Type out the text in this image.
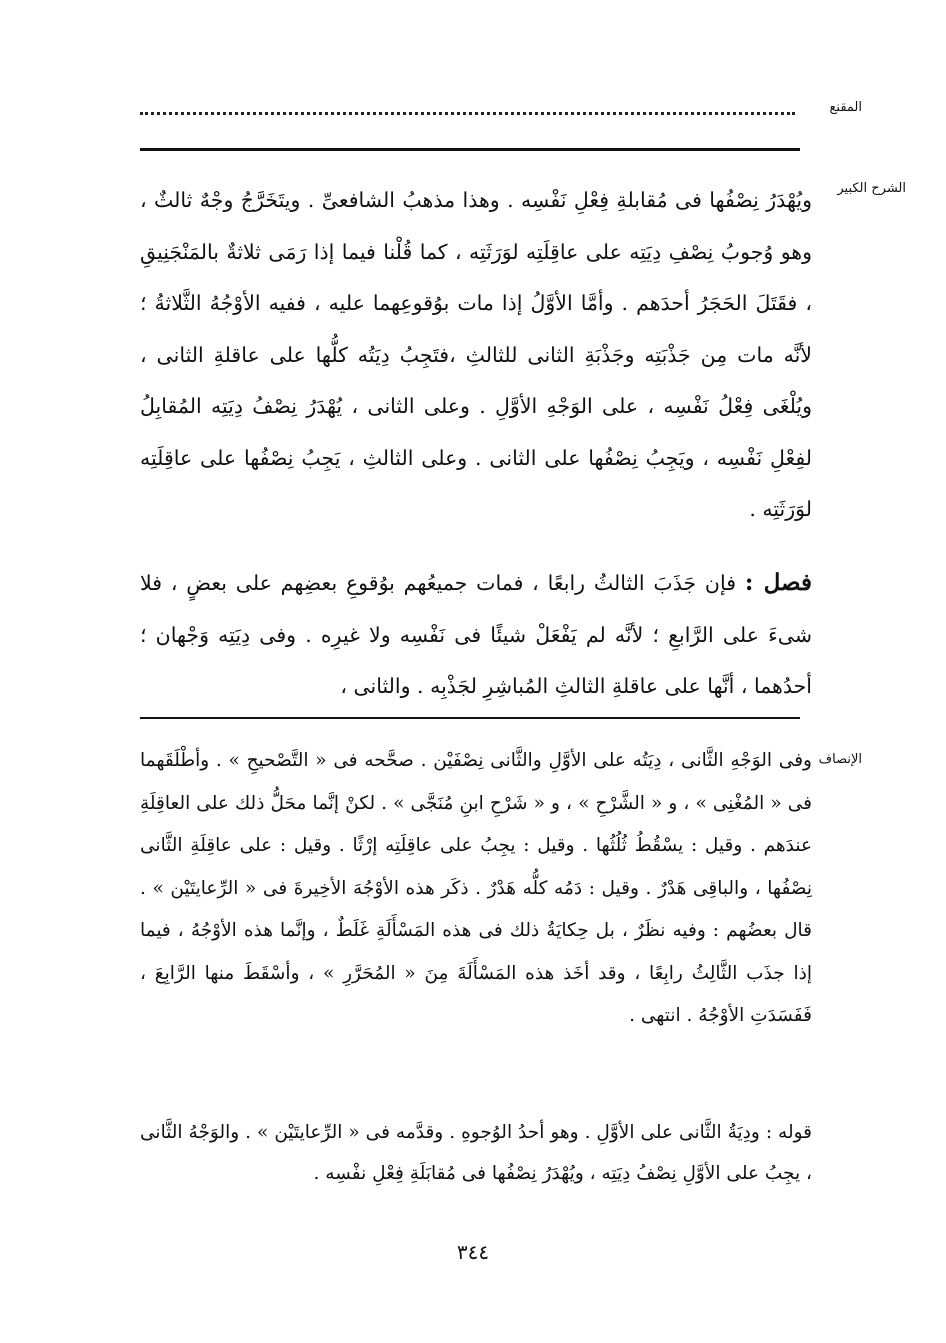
المقنع
الشرح الكبير

ويُهْدَرُ نِصْفُها فى مُقابلةِ فِعْلِ نَفْسِه . وهذا مذهبُ الشافعىِّ . ويتَخَرَّجُ وجْهٌ ثالثٌ ، وهو وُجوبُ نِصْفِ دِيَتِه على عاقِلَتِه لوَرَثَتِه ، كما قُلْنا فيما إذا رَمَى ثلاثةٌ بالمَنْجَنِيقِ ، فقَتَلَ الحَجَرُ أحدَهم . وأمَّا الأوَّلُ إذا مات بوُقوعِهما عليه ، ففيه الأوْجُهُ الثَّلاثةُ ؛ لأنَّه مات مِن جَذْبَتِه وجَذْبَةِ الثانى للثالثِ ،فتَجِبُ دِيَتُه كلُّها على عاقلةِ الثانى ، ويُلْغَى فِعْلُ نَفْسِه ، على الوَجْهِ الأوَّلِ . وعلى الثانى ، يُهْدَرُ نِصْفُ دِيَتِه المُقابِلُ لفِعْلِ نَفْسِه ، ويَجِبُ نِصْفُها على الثانى . وعلى الثالثِ ، يَجِبُ نِصْفُها على عاقِلَتِه لوَرَثَتِه .

فصل : فإن جَذَبَ الثالثُ رابعًا ، فمات جميعُهم بوُقوعِ بعضِهم على بعضٍ ، فلا شىءَ على الرَّابعِ ؛ لأنَّه لم يَفْعَلْ شيئًا فى نَفْسِه ولا غيرِه . وفى دِيَتِه وَجْهان ؛ أحدُهما ، أنَّها على عاقلةِ الثالثِ المُباشِرِ لجَذْبِه . والثانى ،

الإنصاف

وفى الوَجْهِ الثَّانى ، دِيَتُه على الأوَّلِ والثَّانى نِصْفَيْن . صحَّحه فى « التَّصْحيحِ » . وأطْلَقَهما فى « المُغْنِى » ، و « الشَّرْحِ » ، و « شَرْحِ ابنِ مُنَجَّى » . لكنْ إنَّما محَلُّ ذلك على العاقِلَةِ عندَهم . وقيل : يسْقُطُ ثُلُثُها . وقيل : يجِبُ على عاقِلَتِه إرْثًا . وقيل : على عاقِلَةِ الثَّانى نِصْفُها ، والباقِى هَدْرٌ . وقيل : دَمُه كلُّه هَدْرٌ . ذكَر هذه الأوْجُهَ الأخِيرةَ فى « الرِّعايتَيْن » . قال بعضُهم : وفيه نظَرٌ ، بل حِكايَةُ ذلك فى هذه المَسْأَلَةِ غَلَطٌ ، وإنَّما هذه الأوْجُهُ ، فيما إذا جذَب الثَّالِثُ رابِعًا ، وقد أخَذ هذه المَسْأَلَةَ مِنَ « المُحَرَّرِ » ، وأسْقَطَ منها الرَّابِعَ ، فَفَسَدَتِ الأوْجُهُ . انتهى .

قوله : ودِيَةُ الثَّانى على الأوَّلِ . وهو أحدُ الوُجوهِ . وقدَّمه فى « الرِّعايتَيْن » . والوَجْهُ الثَّانى ، يجِبُ على الأوَّلِ نِصْفُ دِيَتِه ، ويُهْدَرُ نِصْفُها فى مُقابَلَةِ فِعْلِ نفْسِه .

٣٤٤
